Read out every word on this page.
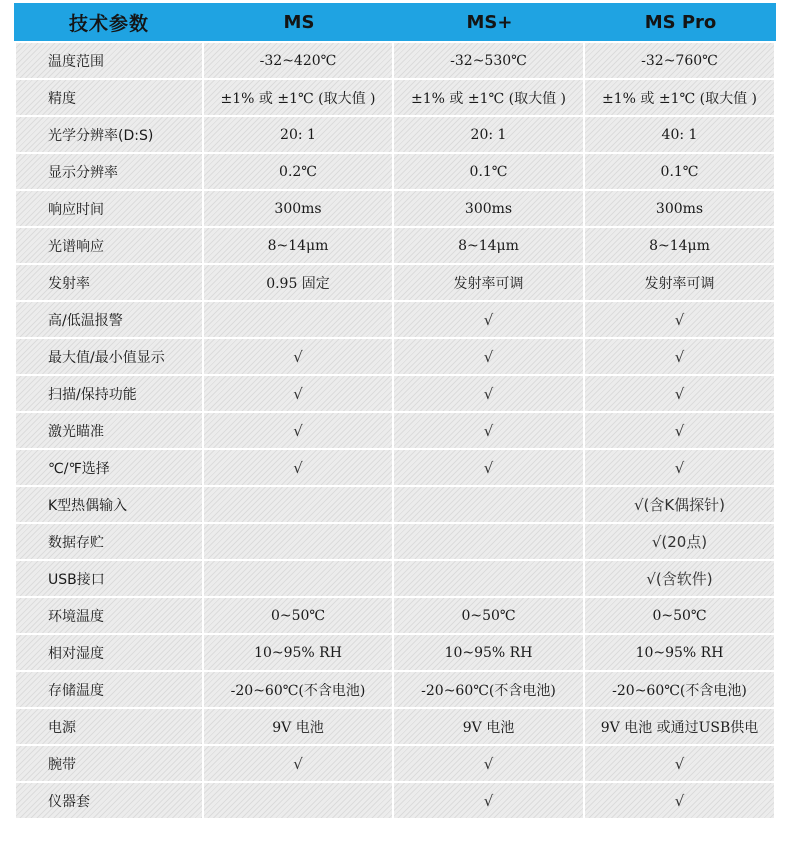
技术参数	MS	MS+	MS Pro
温度范围	-32~420℃	-32~530℃	-32~760℃
精度	±1% 或 ±1℃ (取大值 )	±1% 或 ±1℃ (取大值 )	±1% 或 ±1℃ (取大值 )
光学分辨率(D:S)	20: 1	20: 1	40: 1
显示分辨率	0.2℃	0.1℃	0.1℃
响应时间	300ms	300ms	300ms
光谱响应	8~14μm	8~14μm	8~14μm
发射率	0.95 固定	发射率可调	发射率可调
高/低温报警		√	√
最大值/最小值显示	√	√	√
扫描/保持功能	√	√	√
激光瞄准	√	√	√
℃/℉选择	√	√	√
K型热偶输入			√(含K偶探针)
数据存贮			√(20点)
USB接口			√(含软件)
环境温度	0~50℃	0~50℃	0~50℃
相对湿度	10~95% RH	10~95% RH	10~95% RH
存储温度	-20~60℃(不含电池)	-20~60℃(不含电池)	-20~60℃(不含电池)
电源	9V 电池	9V 电池	9V 电池 或通过USB供电
腕带	√	√	√
仪器套		√	√
